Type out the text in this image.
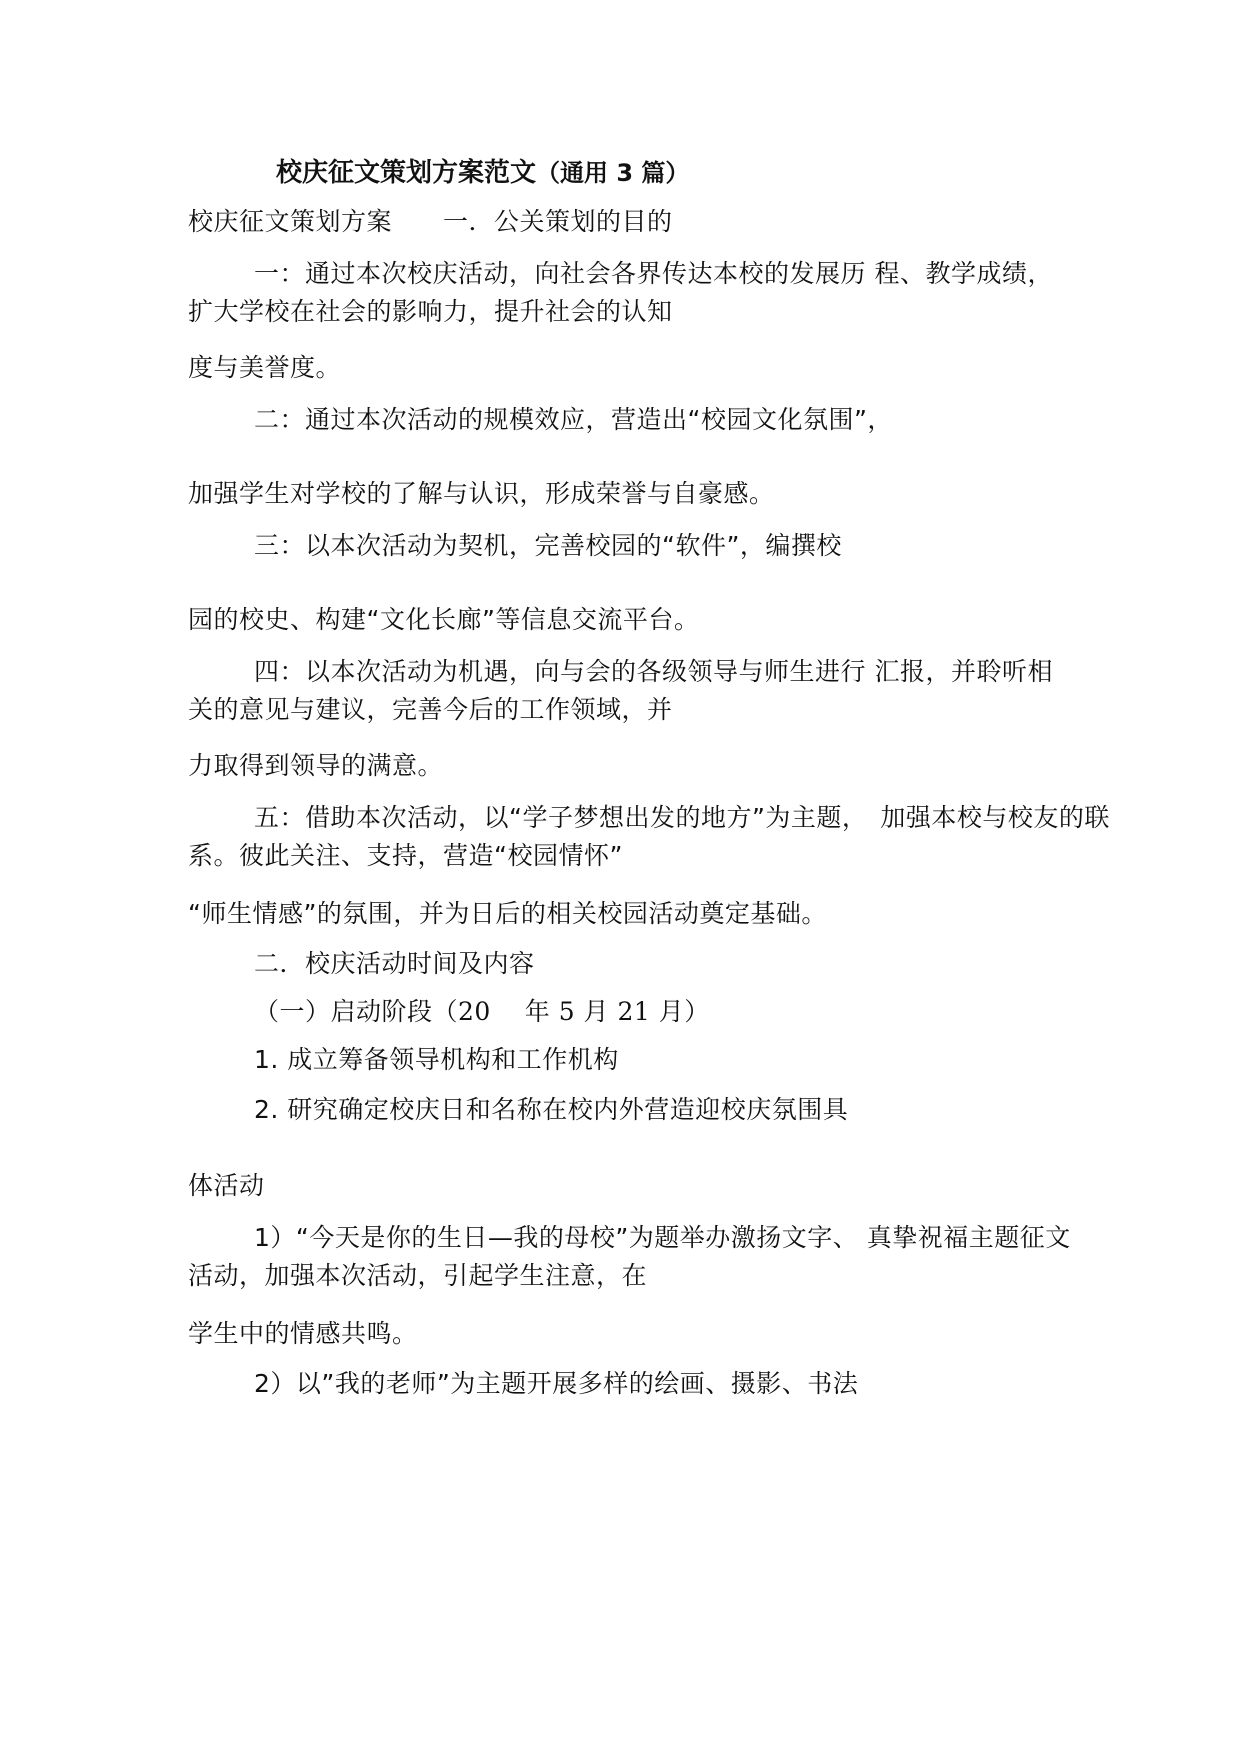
校庆征文策划方案范文（通用 3 篇）
校庆征文策划方案　　一．公关策划的目的
一：通过本次校庆活动，向社会各界传达本校的发展历 程、教学成绩，
扩大学校在社会的影响力，提升社会的认知
度与美誉度。
二：通过本次活动的规模效应，营造出“校园文化氛围”，
加强学生对学校的了解与认识，形成荣誉与自豪感。
三：以本次活动为契机，完善校园的“软件”，编撰校
园的校史、构建“文化长廊”等信息交流平台。
四：以本次活动为机遇，向与会的各级领导与师生进行 汇报，并聆听相
关的意见与建议，完善今后的工作领域，并
力取得到领导的满意。
五：借助本次活动，以“学子梦想出发的地方”为主题，　加强本校与校友的联
系。彼此关注、支持，营造“校园情怀”
“师生情感”的氛围，并为日后的相关校园活动奠定基础。
二．校庆活动时间及内容
（一）启动阶段（20　 年 5 月 21 月）
1. 成立筹备领导机构和工作机构
2. 研究确定校庆日和名称在校内外营造迎校庆氛围具
体活动
1）“今天是你的生日—我的母校”为题举办激扬文字、 真挚祝福主题征文
活动，加强本次活动，引起学生注意，在
学生中的情感共鸣。
2）以”我的老师”为主题开展多样的绘画、摄影、书法
